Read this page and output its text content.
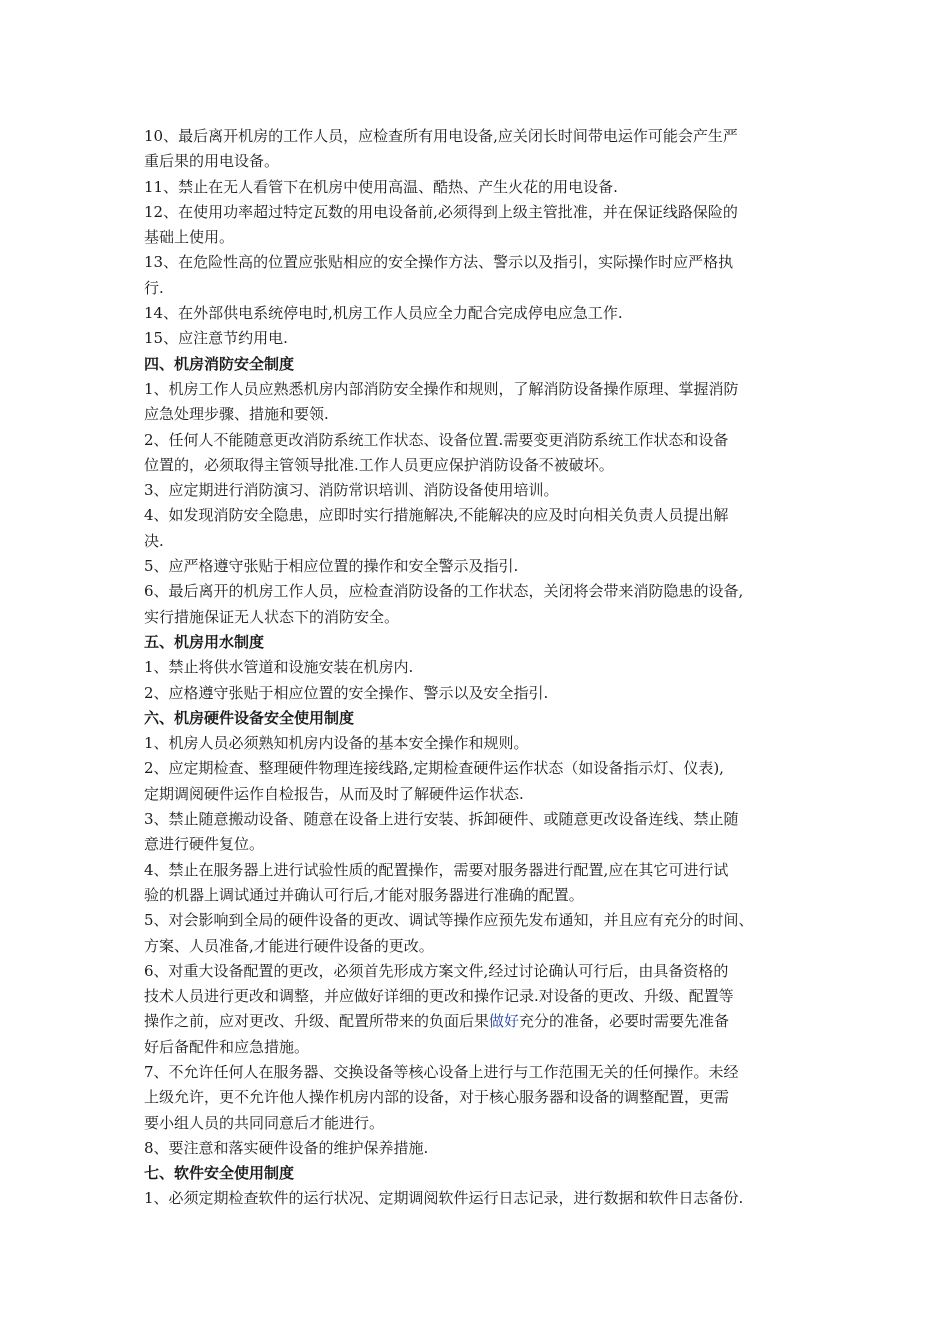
10、最后离开机房的工作人员，应检查所有用电设备,应关闭长时间带电运作可能会产生严
重后果的用电设备。
11、禁止在无人看管下在机房中使用高温、酷热、产生火花的用电设备.
12、在使用功率超过特定瓦数的用电设备前,必须得到上级主管批准，并在保证线路保险的
基础上使用。
13、在危险性高的位置应张贴相应的安全操作方法、警示以及指引，实际操作时应严格执
行.
14、在外部供电系统停电时,机房工作人员应全力配合完成停电应急工作.
15、应注意节约用电.
四、机房消防安全制度
1、机房工作人员应熟悉机房内部消防安全操作和规则，了解消防设备操作原理、掌握消防
应急处理步骤、措施和要领.
2、任何人不能随意更改消防系统工作状态、设备位置.需要变更消防系统工作状态和设备
位置的，必须取得主管领导批准.工作人员更应保护消防设备不被破坏。
3、应定期进行消防演习、消防常识培训、消防设备使用培训。
4、如发现消防安全隐患，应即时实行措施解决,不能解决的应及时向相关负责人员提出解
决.
5、应严格遵守张贴于相应位置的操作和安全警示及指引.
6、最后离开的机房工作人员，应检查消防设备的工作状态，关闭将会带来消防隐患的设备,
实行措施保证无人状态下的消防安全。
五、机房用水制度
1、禁止将供水管道和设施安装在机房内.
2、应格遵守张贴于相应位置的安全操作、警示以及安全指引.
六、机房硬件设备安全使用制度
1、机房人员必须熟知机房内设备的基本安全操作和规则。
2、应定期检查、整理硬件物理连接线路,定期检查硬件运作状态（如设备指示灯、仪表),
定期调阅硬件运作自检报告，从而及时了解硬件运作状态.
3、禁止随意搬动设备、随意在设备上进行安装、拆卸硬件、或随意更改设备连线、禁止随
意进行硬件复位。
4、禁止在服务器上进行试验性质的配置操作，需要对服务器进行配置,应在其它可进行试
验的机器上调试通过并确认可行后,才能对服务器进行准确的配置。
5、对会影响到全局的硬件设备的更改、调试等操作应预先发布通知，并且应有充分的时间、
方案、人员准备,才能进行硬件设备的更改。
6、对重大设备配置的更改，必须首先形成方案文件,经过讨论确认可行后，由具备资格的
技术人员进行更改和调整，并应做好详细的更改和操作记录.对设备的更改、升级、配置等
操作之前，应对更改、升级、配置所带来的负面后果做好充分的准备，必要时需要先准备
好后备配件和应急措施。
7、不允许任何人在服务器、交换设备等核心设备上进行与工作范围无关的任何操作。未经
上级允许，更不允许他人操作机房内部的设备，对于核心服务器和设备的调整配置，更需
要小组人员的共同同意后才能进行。
8、要注意和落实硬件设备的维护保养措施.
七、软件安全使用制度
1、必须定期检查软件的运行状况、定期调阅软件运行日志记录，进行数据和软件日志备份.
